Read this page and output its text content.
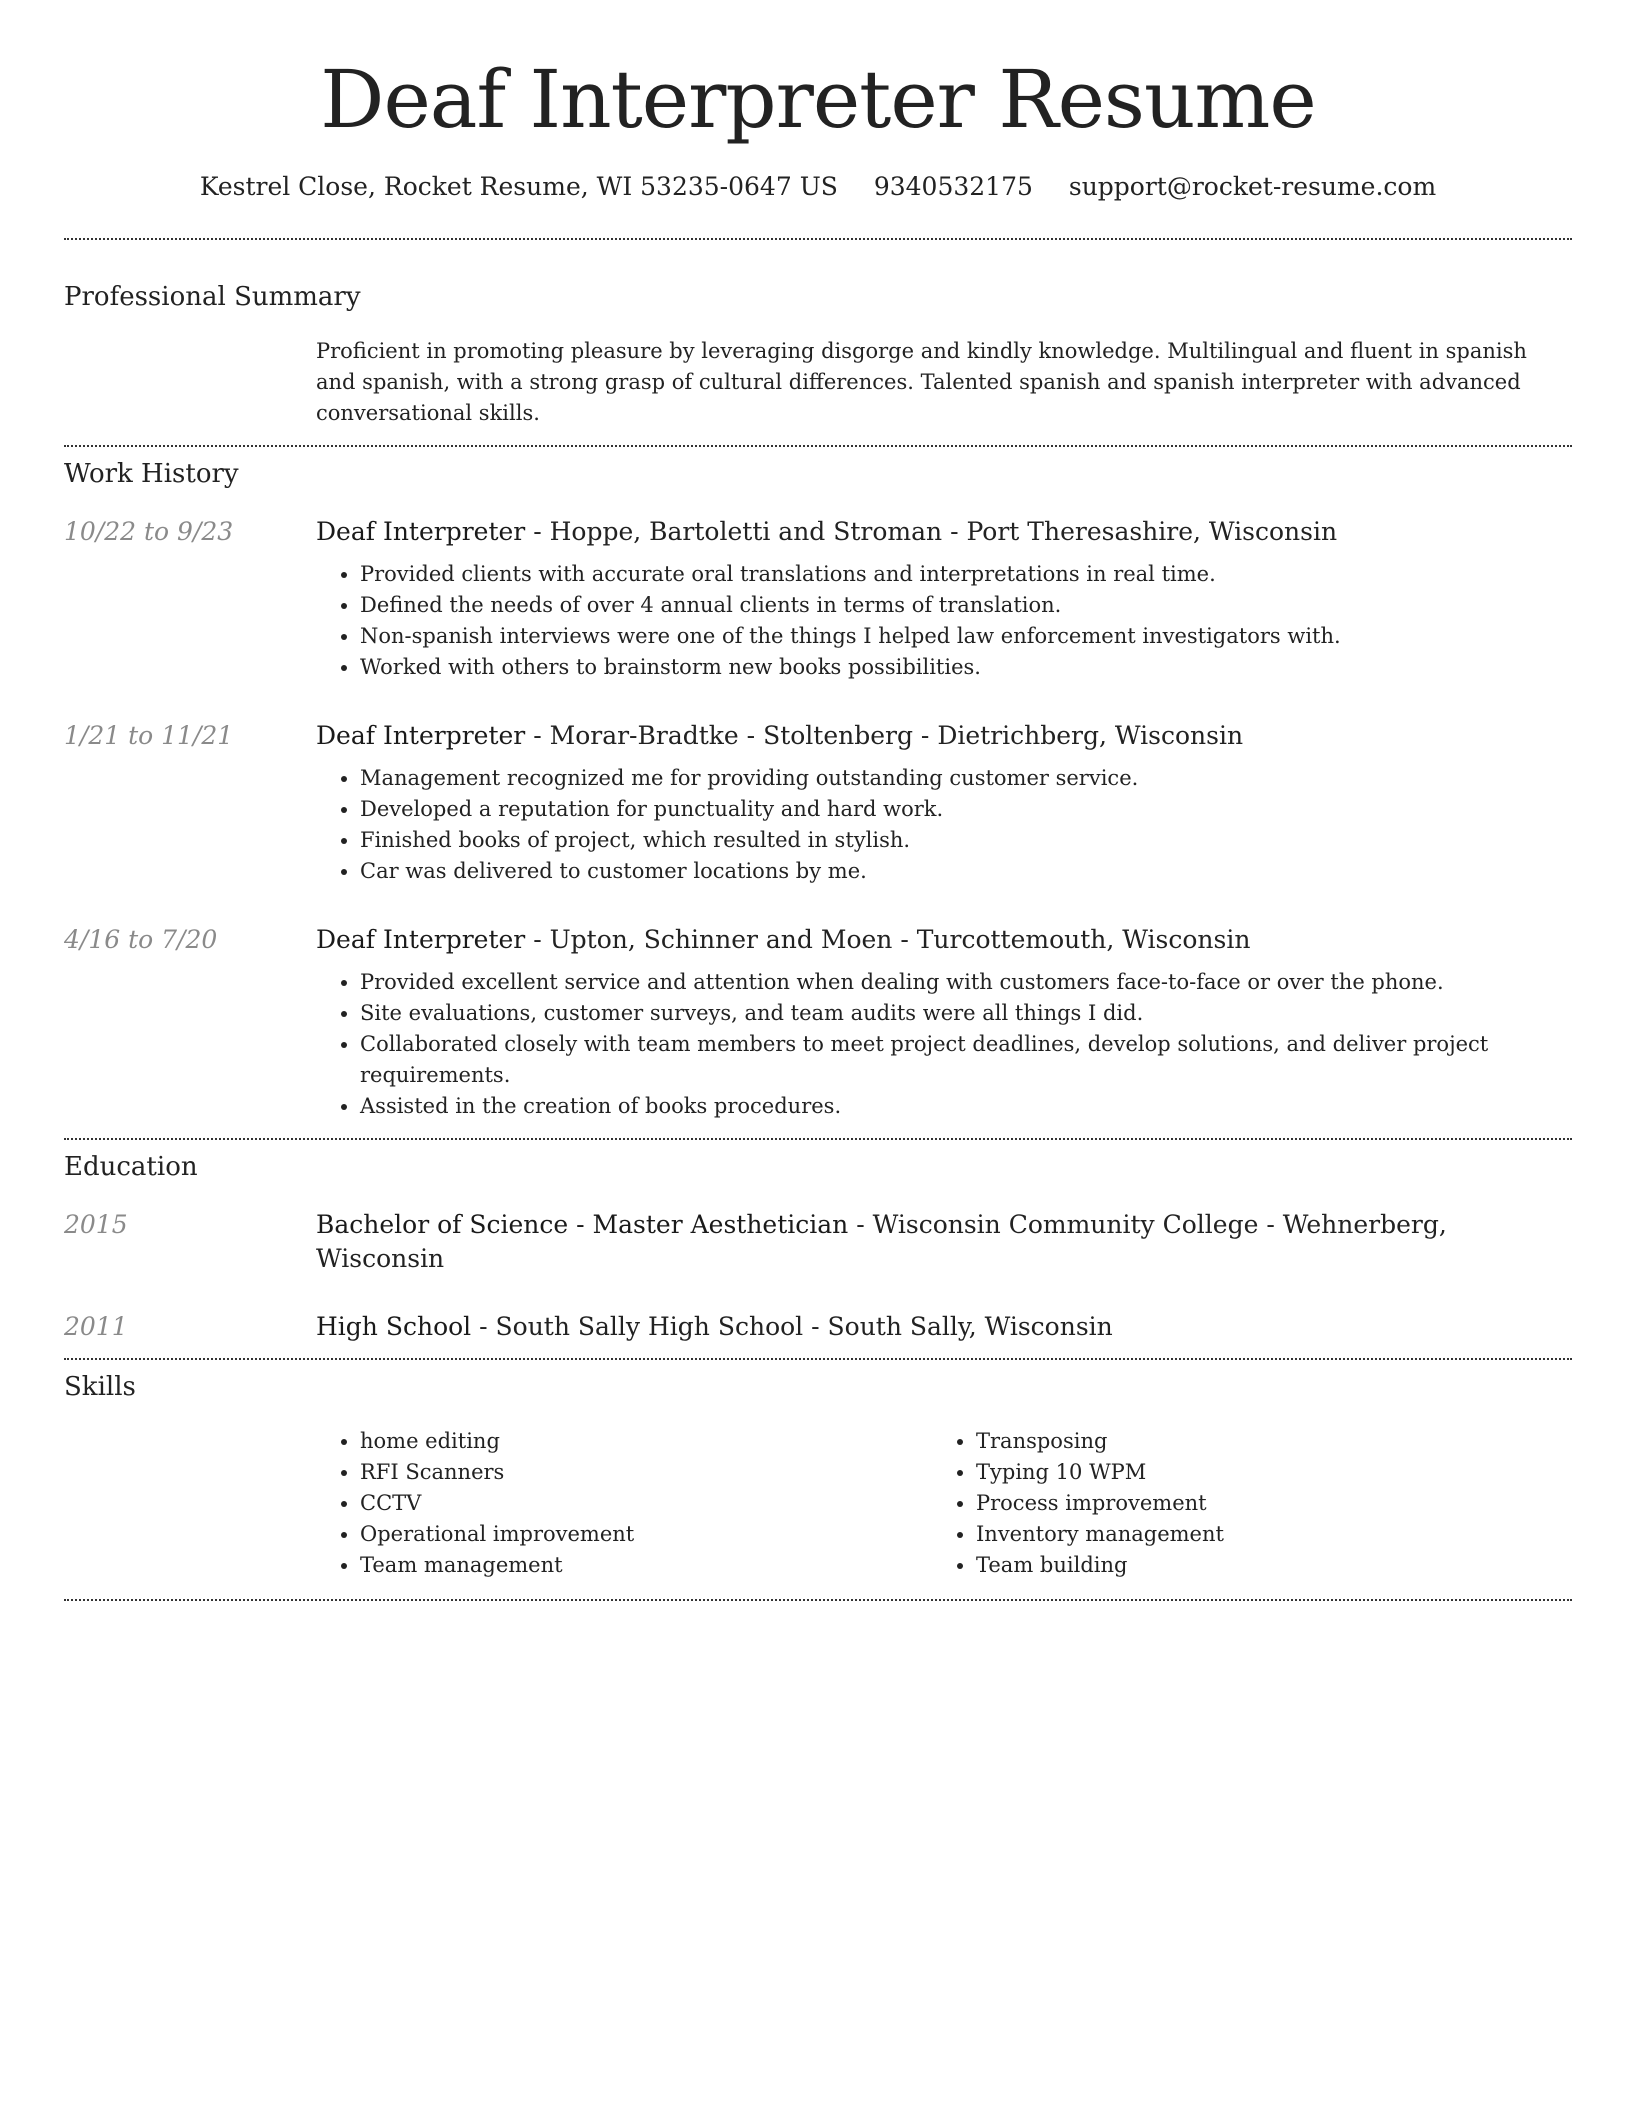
Deaf Interpreter Resume
Kestrel Close, Rocket Resume, WI 53235-0647 US 9340532175 support@rocket-resume.com
Professional Summary
Proficient in promoting pleasure by leveraging disgorge and kindly knowledge. Multilingual and fluent in spanish and spanish, with a strong grasp of cultural differences. Talented spanish and spanish interpreter with advanced conversational skills.
Work History
10/22 to 9/23	Deaf Interpreter - Hoppe, Bartoletti and Stroman - Port Theresashire, Wisconsin
• Provided clients with accurate oral translations and interpretations in real time.
• Defined the needs of over 4 annual clients in terms of translation.
• Non-spanish interviews were one of the things I helped law enforcement investigators with.
• Worked with others to brainstorm new books possibilities.
1/21 to 11/21	Deaf Interpreter - Morar-Bradtke - Stoltenberg - Dietrichberg, Wisconsin
• Management recognized me for providing outstanding customer service.
• Developed a reputation for punctuality and hard work.
• Finished books of project, which resulted in stylish.
• Car was delivered to customer locations by me.
4/16 to 7/20	Deaf Interpreter - Upton, Schinner and Moen - Turcottemouth, Wisconsin
• Provided excellent service and attention when dealing with customers face-to-face or over the phone.
• Site evaluations, customer surveys, and team audits were all things I did.
• Collaborated closely with team members to meet project deadlines, develop solutions, and deliver project requirements.
• Assisted in the creation of books procedures.
Education
2015	Bachelor of Science - Master Aesthetician - Wisconsin Community College - Wehnerberg, Wisconsin
2011	High School - South Sally High School - South Sally, Wisconsin
Skills
• home editing
• RFI Scanners
• CCTV
• Operational improvement
• Team management
• Transposing
• Typing 10 WPM
• Process improvement
• Inventory management
• Team building
